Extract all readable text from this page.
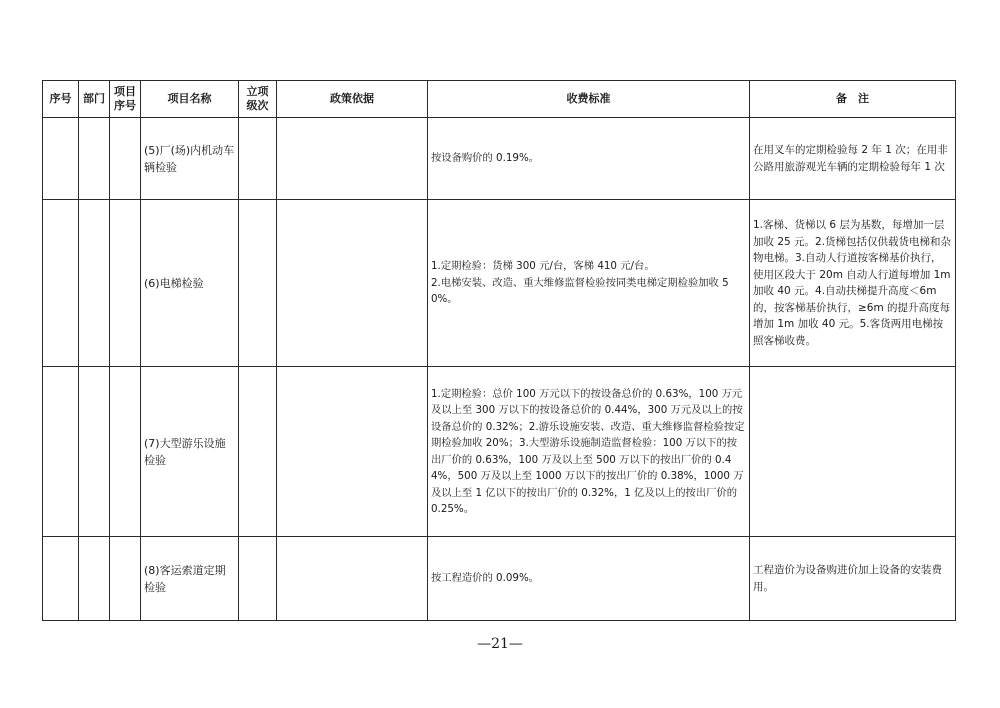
序号	部门	项目序号	项目名称	立项级次	政策依据	收费标准	备　注
			(5)厂(场)内机动车辆检验			按设备购价的 0.19%。	在用叉车的定期检验每 2 年 1 次；在用非公路用旅游观光车辆的定期检验每年 1 次
			(6)电梯检验			1.定期检验：货梯 300 元/台，客梯 410 元/台。
2.电梯安装、改造、重大维修监督检验按同类电梯定期检验加收 50%。	1.客梯、货梯以 6 层为基数，每增加一层加收 25 元。2.货梯包括仅供载货电梯和杂物电梯。3.自动人行道按客梯基价执行，使用区段大于 20m 自动人行道每增加 1m 加收 40 元。4.自动扶梯提升高度＜6m 的，按客梯基价执行，≥6m 的提升高度每增加 1m 加收 40 元。5.客货两用电梯按照客梯收费。
			(7)大型游乐设施检验			1.定期检验：总价 100 万元以下的按设备总价的 0.63%，100 万元及以上至 300 万以下的按设备总价的 0.44%，300 万元及以上的按设备总价的 0.32%；2.游乐设施安装、改造、重大维修监督检验按定期检验加收 20%；3.大型游乐设施制造监督检验：100 万以下的按出厂价的 0.63%，100 万及以上至 500 万以下的按出厂价的 0.44%，500 万及以上至 1000 万以下的按出厂价的 0.38%，1000 万及以上至 1 亿以下的按出厂价的 0.32%，1 亿及以上的按出厂价的 0.25%。	
			(8)客运索道定期检验			按工程造价的 0.09%。	工程造价为设备购进价加上设备的安装费用。
—21—
